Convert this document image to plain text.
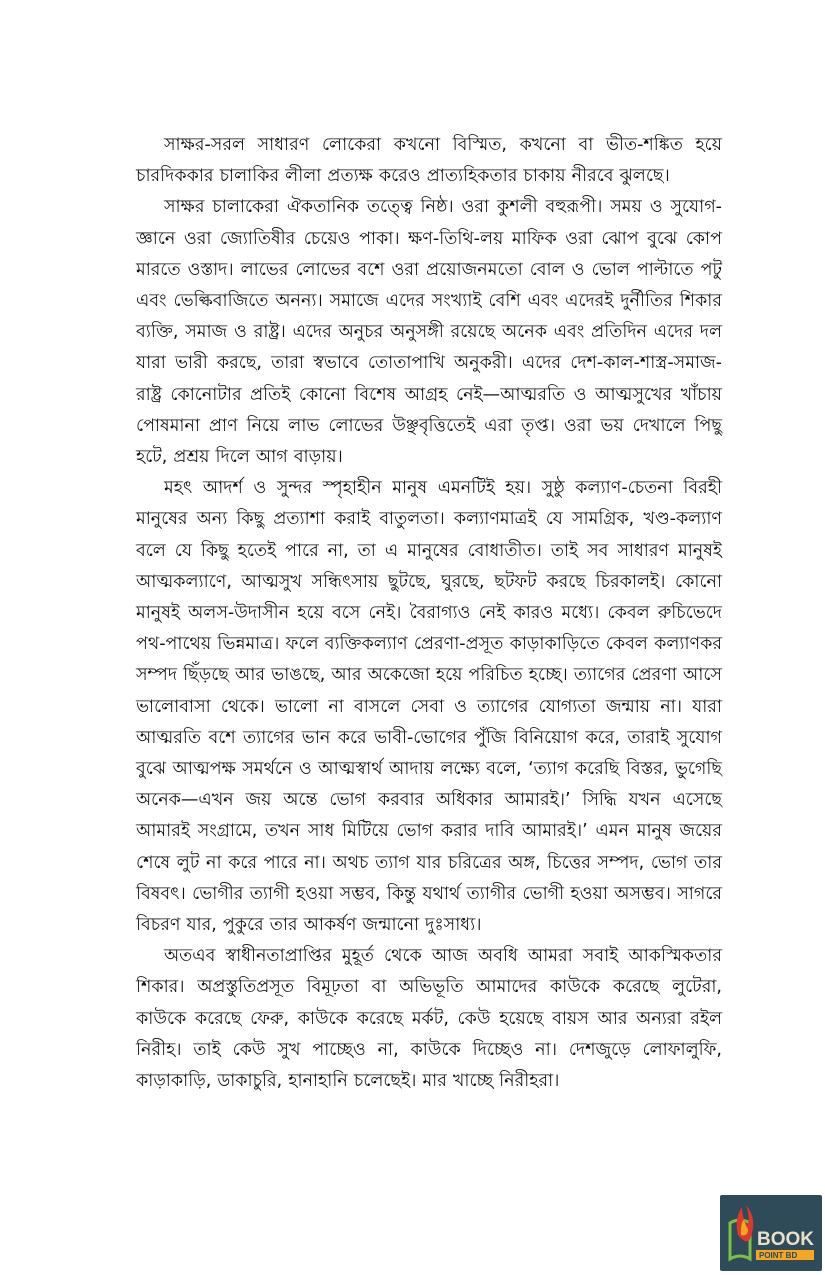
সাক্ষর-সরল সাধারণ লোকেরা কখনো বিস্মিত, কখনো বা ভীত-শঙ্কিত হয়ে চারদিককার চালাকির লীলা প্রত্যক্ষ করেও প্রাত্যহিকতার চাকায় নীরবে ঝুলছে।

সাক্ষর চালাকেরা ঐকতানিক তত্ত্বে নিষ্ঠ। ওরা কুশলী বহুরূপী। সময় ও সুযোগ-জ্ঞানে ওরা জ্যোতিষীর চেয়েও পাকা। ক্ষণ-তিথি-লয় মাফিক ওরা ঝোপ বুঝে কোপ মারতে ওস্তাদ। লাভের লোভের বশে ওরা প্রয়োজনমতো বোল ও ভোল পাল্টাতে পটু এবং ভেল্কিবাজিতে অনন্য। সমাজে এদের সংখ্যাই বেশি এবং এদেরই দুর্নীতির শিকার ব্যক্তি, সমাজ ও রাষ্ট্র। এদের অনুচর অনুসঙ্গী রয়েছে অনেক এবং প্রতিদিন এদের দল যারা ভারী করছে, তারা স্বভাবে তোতাপাখি অনুকরী। এদের দেশ-কাল-শাস্ত্র-সমাজ-রাষ্ট্র কোনোটার প্রতিই কোনো বিশেষ আগ্রহ নেই—আত্মরতি ও আত্মসুখের খাঁচায় পোষমানা প্রাণ নিয়ে লাভ লোভের উঞ্ছবৃত্তিতেই এরা তৃপ্ত। ওরা ভয় দেখালে পিছু হটে, প্রশ্রয় দিলে আগ বাড়ায়।

মহৎ আদর্শ ও সুন্দর স্পৃহাহীন মানুষ এমনটিই হয়। সুষ্ঠু কল্যাণ-চেতনা বিরহী মানুষের অন্য কিছু প্রত্যাশা করাই বাতুলতা। কল্যাণমাত্রই যে সামগ্রিক, খণ্ড-কল্যাণ বলে যে কিছু হতেই পারে না, তা এ মানুষের বোধাতীত। তাই সব সাধারণ মানুষই আত্মকল্যাণে, আত্মসুখ সন্ধিৎসায় ছুটছে, ঘুরছে, ছটফট করছে চিরকালই। কোনো মানুষই অলস-উদাসীন হয়ে বসে নেই। বৈরাগ্যও নেই কারও মধ্যে। কেবল রুচিভেদে পথ-পাথেয় ভিন্নমাত্র। ফলে ব্যক্তিকল্যাণ প্রেরণা-প্রসূত কাড়াকাড়িতে কেবল কল্যাণকর সম্পদ ছিঁড়ছে আর ভাঙছে, আর অকেজো হয়ে পরিচিত হচ্ছে। ত্যাগের প্রেরণা আসে ভালোবাসা থেকে। ভালো না বাসলে সেবা ও ত্যাগের যোগ্যতা জন্মায় না। যারা আত্মরতি বশে ত্যাগের ভান করে ভাবী-ভোগের পুঁজি বিনিয়োগ করে, তারাই সুযোগ বুঝে আত্মপক্ষ সমর্থনে ও আত্মস্বার্থ আদায় লক্ষ্যে বলে, ‘ত্যাগ করেছি বিস্তর, ভুগেছি অনেক—এখন জয় অন্তে ভোগ করবার অধিকার আমারই।’ সিদ্ধি যখন এসেছে আমারই সংগ্রামে, তখন সাধ মিটিয়ে ভোগ করার দাবি আমারই।’ এমন মানুষ জয়ের শেষে লুট না করে পারে না। অথচ ত্যাগ যার চরিত্রের অঙ্গ, চিত্তের সম্পদ, ভোগ তার বিষবৎ। ভোগীর ত্যাগী হওয়া সম্ভব, কিন্তু যথার্থ ত্যাগীর ভোগী হওয়া অসম্ভব। সাগরে বিচরণ যার, পুকুরে তার আকর্ষণ জন্মানো দুঃসাধ্য।

অতএব স্বাধীনতাপ্রাপ্তির মুহূর্ত থেকে আজ অবধি আমরা সবাই আকস্মিকতার শিকার। অপ্রস্তুতিপ্রসূত বিমূঢ়তা বা অভিভূতি আমাদের কাউকে করেছে লুটেরা, কাউকে করেছে ফেরু, কাউকে করেছে মর্কট, কেউ হয়েছে বায়স আর অন্যরা রইল নিরীহ। তাই কেউ সুখ পাচ্ছেও না, কাউকে দিচ্ছেও না। দেশজুড়ে লোফালুফি, কাড়াকাড়ি, ডাকাচুরি, হানাহানি চলেছেই। মার খাচ্ছে নিরীহরা।

BOOK
POINT BD
